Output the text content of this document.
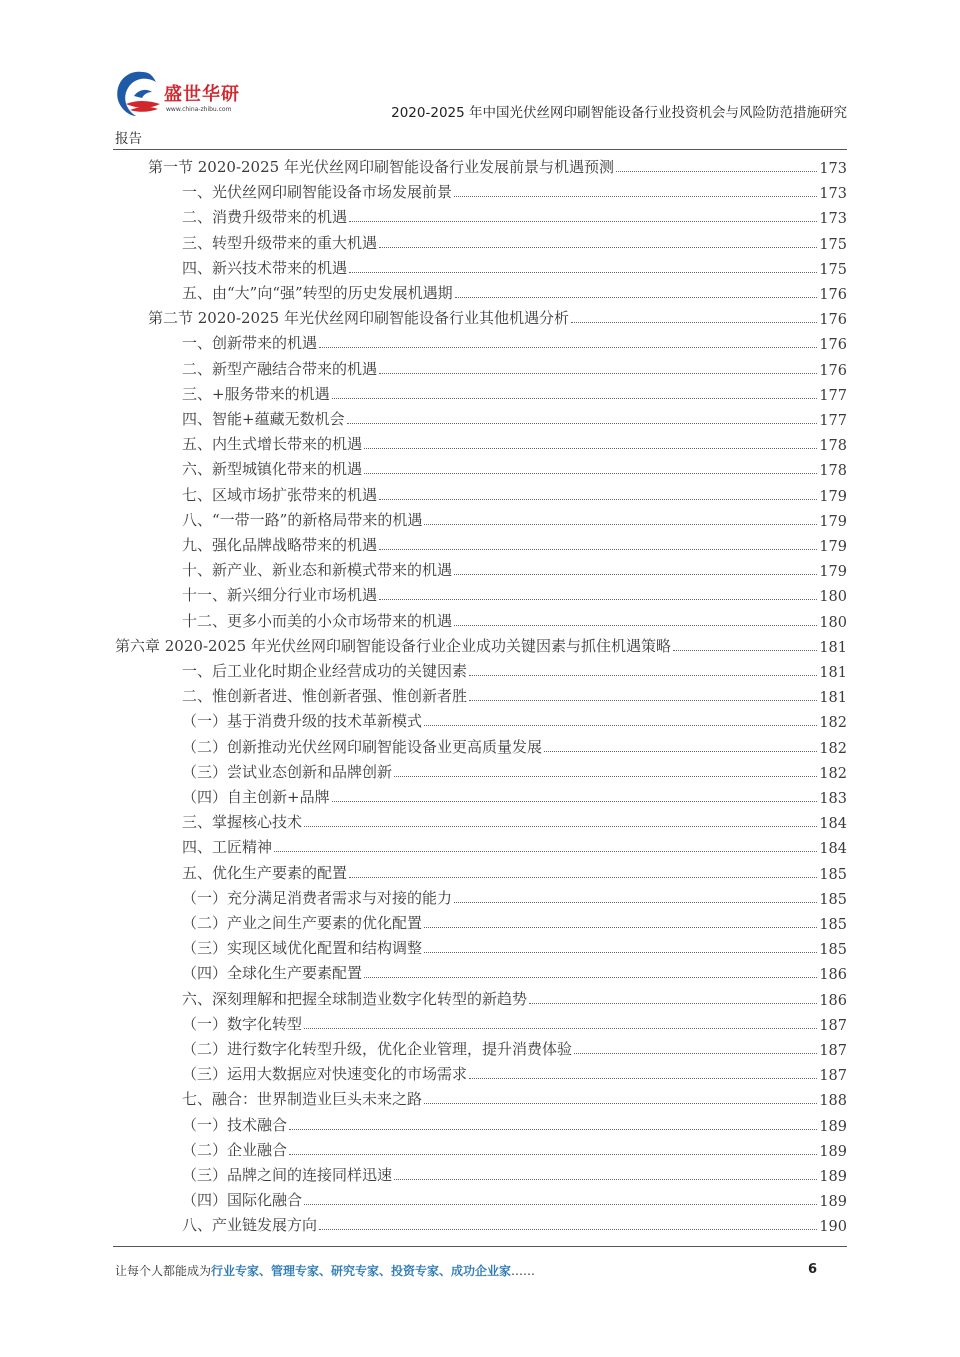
盛世华研
www.china-zhibu.com	2020-2025 年中国光伏丝网印刷智能设备行业投资机会与风险防范措施研究
报告
第一节 2020-2025 年光伏丝网印刷智能设备行业发展前景与机遇预测	173
一、光伏丝网印刷智能设备市场发展前景	173
二、消费升级带来的机遇	173
三、转型升级带来的重大机遇	175
四、新兴技术带来的机遇	175
五、由“大”向“强”转型的历史发展机遇期	176
第二节 2020-2025 年光伏丝网印刷智能设备行业其他机遇分析	176
一、创新带来的机遇	176
二、新型产融结合带来的机遇	176
三、+服务带来的机遇	177
四、智能+蕴藏无数机会	177
五、内生式增长带来的机遇	178
六、新型城镇化带来的机遇	178
七、区域市场扩张带来的机遇	179
八、“一带一路”的新格局带来的机遇	179
九、强化品牌战略带来的机遇	179
十、新产业、新业态和新模式带来的机遇	179
十一、新兴细分行业市场机遇	180
十二、更多小而美的小众市场带来的机遇	180
第六章 2020-2025 年光伏丝网印刷智能设备行业企业成功关键因素与抓住机遇策略	181
一、后工业化时期企业经营成功的关键因素	181
二、惟创新者进、惟创新者强、惟创新者胜	181
（一）基于消费升级的技术革新模式	182
（二）创新推动光伏丝网印刷智能设备业更高质量发展	182
（三）尝试业态创新和品牌创新	182
（四）自主创新+品牌	183
三、掌握核心技术	184
四、工匠精神	184
五、优化生产要素的配置	185
（一）充分满足消费者需求与对接的能力	185
（二）产业之间生产要素的优化配置	185
（三）实现区域优化配置和结构调整	185
（四）全球化生产要素配置	186
六、深刻理解和把握全球制造业数字化转型的新趋势	186
（一）数字化转型	187
（二）进行数字化转型升级，优化企业管理，提升消费体验	187
（三）运用大数据应对快速变化的市场需求	187
七、融合：世界制造业巨头未来之路	188
（一）技术融合	189
（二）企业融合	189
（三）品牌之间的连接同样迅速	189
（四）国际化融合	189
八、产业链发展方向	190
让每个人都能成为行业专家、管理专家、研究专家、投资专家、成功企业家……	6
